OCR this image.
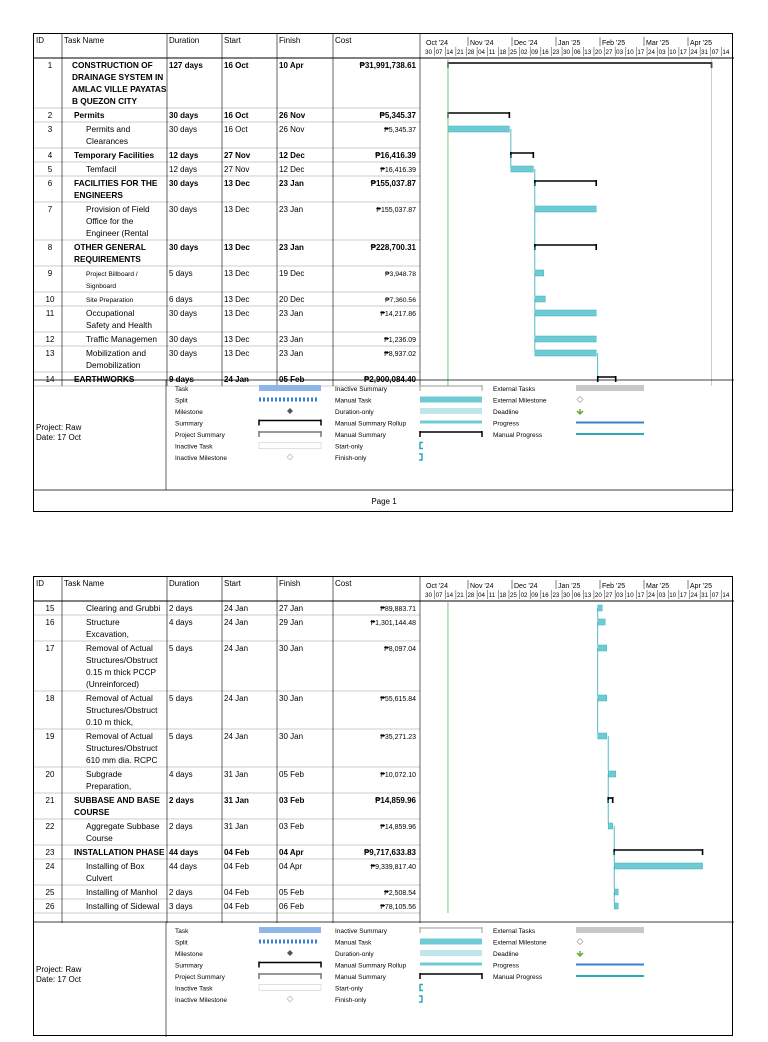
ID	Task Name	Duration	Start	Finish	Cost	Oct '24	Nov '24	Dec '24	Jan '25	Feb '25	Mar '25	Apr '25
30 07 14 21 28 04 11 18 25 02 09 16 23 30 06 13 20 27 03 10 17 24 03 10 17 24 31 07 14
1 CONSTRUCTION OF
DRAINAGE SYSTEM IN
AMLAC VILLE PAYATAS
B QUEZON CITY
127 days	16 Oct	10 Apr	₱31,991,738.61
2	Permits	30 days	16 Oct	26 Nov	₱5,345.37
3	Permits and
Clearances
30 days	16 Oct	26 Nov	₱5,345.37
4	Temporary Facilities 12 days	27 Nov	12 Dec	₱16,416.39
5	Temfacil	12 days	27 Nov	12 Dec	₱16,416.39
6	FACILITIES FOR THE
ENGINEERS
30 days	13 Dec	23 Jan	₱155,037.87
7	Provision of Field
Office for the
Engineer (Rental
30 days	13 Dec	23 Jan	₱155,037.87
8	OTHER GENERAL
REQUIREMENTS
30 days	13 Dec	23 Jan	₱228,700.31
9	Project Billboard /
Signboard
5 days	13 Dec	19 Dec	₱3,948.78
10	Site Preparation	6 days	13 Dec	20 Dec	₱7,360.56
11	Occupational
Safety and Health
30 days	13 Dec	23 Jan	₱14,217.86
12	Traffic Managemen 30 days	13 Dec	23 Jan	₱1,236.09
13	Mobilization and
Demobilization
30 days	13 Dec	23 Jan	₱8,937.02
14 EARTHWORKS	9 days	24 Jan	05 Feb	₱2,900,084.40
Project: Raw
Date: 17 Oct
Task
Split
Milestone
Summary
Project Summary
Inactive Task
Inactive Milestone
Inactive Summary
Manual Task
Duration-only
Manual Summary Rollup
Manual Summary
Start-only
Finish-only
External Tasks
External Milestone
Deadline
Progress
Manual Progress
Page 1
ID	Task Name	Duration	Start	Finish	Cost	Oct '24	Nov '24	Dec '24	Jan '25	Feb '25	Mar '25	Apr '25
30 07 14 21 28 04 11 18 25 02 09 16 23 30 06 13 20 27 03 10 17 24 03 10 17 24 31 07 14
15	Clearing and Grubbi 2 days	24 Jan	27 Jan	₱89,883.71
16	Structure
Excavation,
4 days	24 Jan	29 Jan	₱1,301,144.48
17	Removal of Actual
Structures/Obstruct
0.15 m thick PCCP
(Unreinforced)
5 days	24 Jan	30 Jan	₱8,097.04
18	Removal of Actual
Structures/Obstruct
0.10 m thick,
5 days	24 Jan	30 Jan	₱55,615.84
19	Removal of Actual
Structures/Obstruct
610 mm dia. RCPC
5 days	24 Jan	30 Jan	₱35,271.23
20	Subgrade
Preparation,
4 days	31 Jan	05 Feb	₱10,072.10
21 SUBBASE AND BASE
COURSE
2 days	31 Jan	03 Feb	₱14,859.96
22	Aggregate Subbase
Course
2 days	31 Jan	03 Feb	₱14,859.96
23 INSTALLATION PHASE 44 days	04 Feb	04 Apr	₱9,717,633.83
24	Installing of Box
Culvert
44 days	04 Feb	04 Apr	₱9,339,817.40
25	Installing of Manhol 2 days	04 Feb	05 Feb	₱2,508.54
26	Installing of Sidewal 3 days	04 Feb	06 Feb	₱78,105.56
Project: Raw
Date: 17 Oct
Task
Split
Milestone
Summary
Project Summary
Inactive Task
Inactive Milestone
Inactive Summary
Manual Task
Duration-only
Manual Summary Rollup
Manual Summary
Start-only
Finish-only
External Tasks
External Milestone
Deadline
Progress
Manual Progress
